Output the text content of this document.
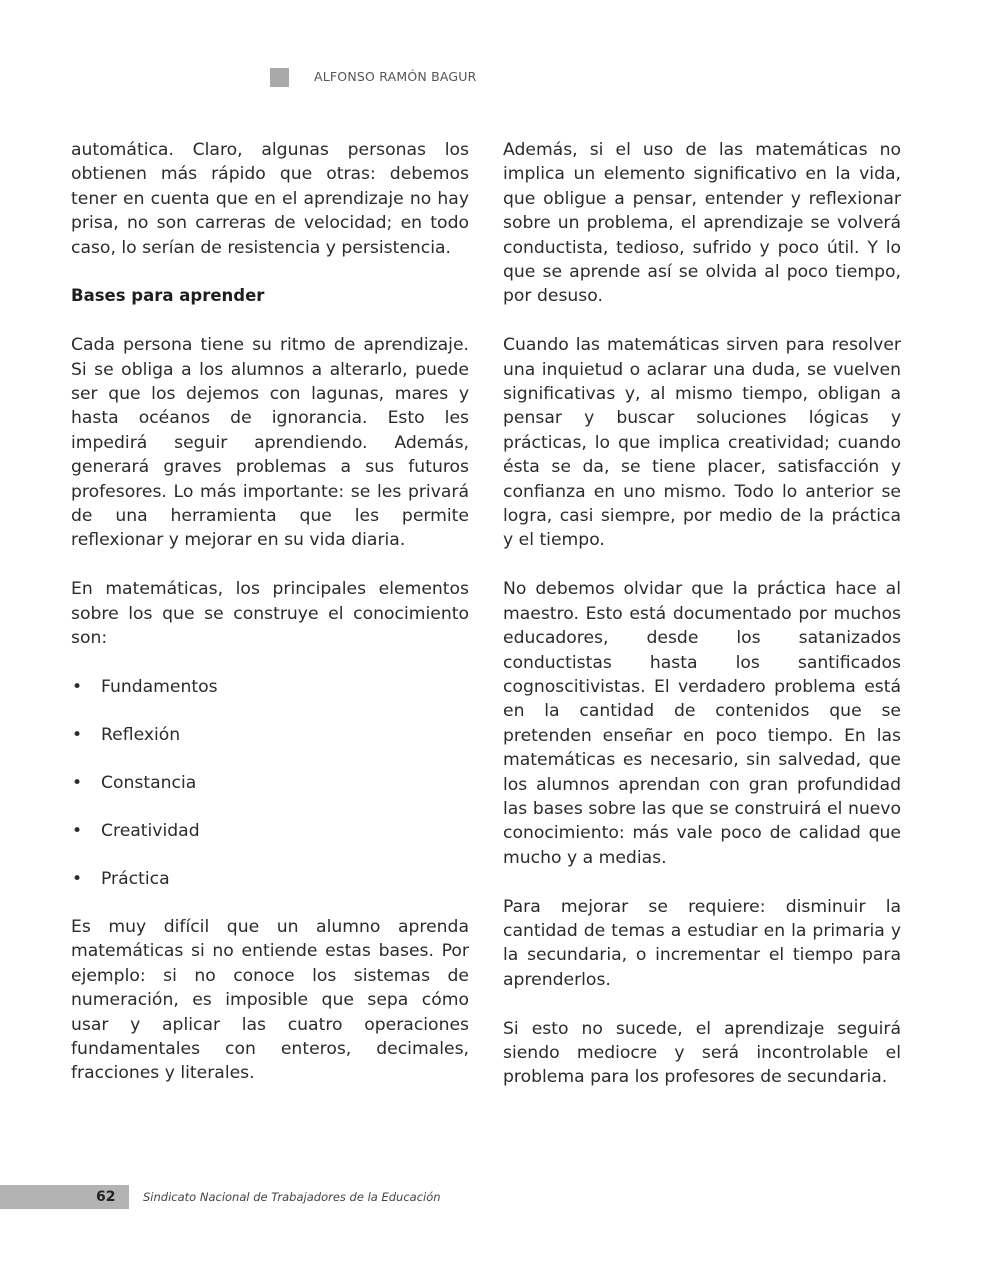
ALFONSO RAMÓN BAGUR

automática. Claro, algunas personas los obtienen más rápido que otras: debemos tener en cuenta que en el aprendizaje no hay prisa, no son carreras de velocidad; en todo caso, lo serían de resistencia y persistencia.

Bases para aprender

Cada persona tiene su ritmo de aprendizaje. Si se obliga a los alumnos a alterarlo, puede ser que los dejemos con lagunas, mares y hasta océanos de ignorancia. Esto les impedirá seguir aprendiendo. Además, generará graves problemas a sus futuros profesores. Lo más importante: se les privará de una herramienta que les permite reflexionar y mejorar en su vida diaria.

En matemáticas, los principales elementos sobre los que se construye el conocimiento son:

• Fundamentos
• Reflexión
• Constancia
• Creatividad
• Práctica

Es muy difícil que un alumno aprenda matemáticas si no entiende estas bases. Por ejemplo: si no conoce los sistemas de numeración, es imposible que sepa cómo usar y aplicar las cuatro operaciones fundamentales con enteros, decimales, fracciones y literales.

Además, si el uso de las matemáticas no implica un elemento significativo en la vida, que obligue a pensar, entender y reflexionar sobre un problema, el aprendizaje se volverá conductista, tedioso, sufrido y poco útil. Y lo que se aprende así se olvida al poco tiempo, por desuso.

Cuando las matemáticas sirven para resolver una inquietud o aclarar una duda, se vuelven significativas y, al mismo tiempo, obligan a pensar y buscar soluciones lógicas y prácticas, lo que implica creatividad; cuando ésta se da, se tiene placer, satisfacción y confianza en uno mismo. Todo lo anterior se logra, casi siempre, por medio de la práctica y el tiempo.

No debemos olvidar que la práctica hace al maestro. Esto está documentado por muchos educadores, desde los satanizados conductistas hasta los santificados cognoscitivistas. El verdadero problema está en la cantidad de contenidos que se pretenden enseñar en poco tiempo. En las matemáticas es necesario, sin salvedad, que los alumnos aprendan con gran profundidad las bases sobre las que se construirá el nuevo conocimiento: más vale poco de calidad que mucho y a medias.

Para mejorar se requiere: disminuir la cantidad de temas a estudiar en la primaria y la secundaria, o incrementar el tiempo para aprenderlos.

Si esto no sucede, el aprendizaje seguirá siendo mediocre y será incontrolable el problema para los profesores de secundaria.

62 Sindicato Nacional de Trabajadores de la Educación
